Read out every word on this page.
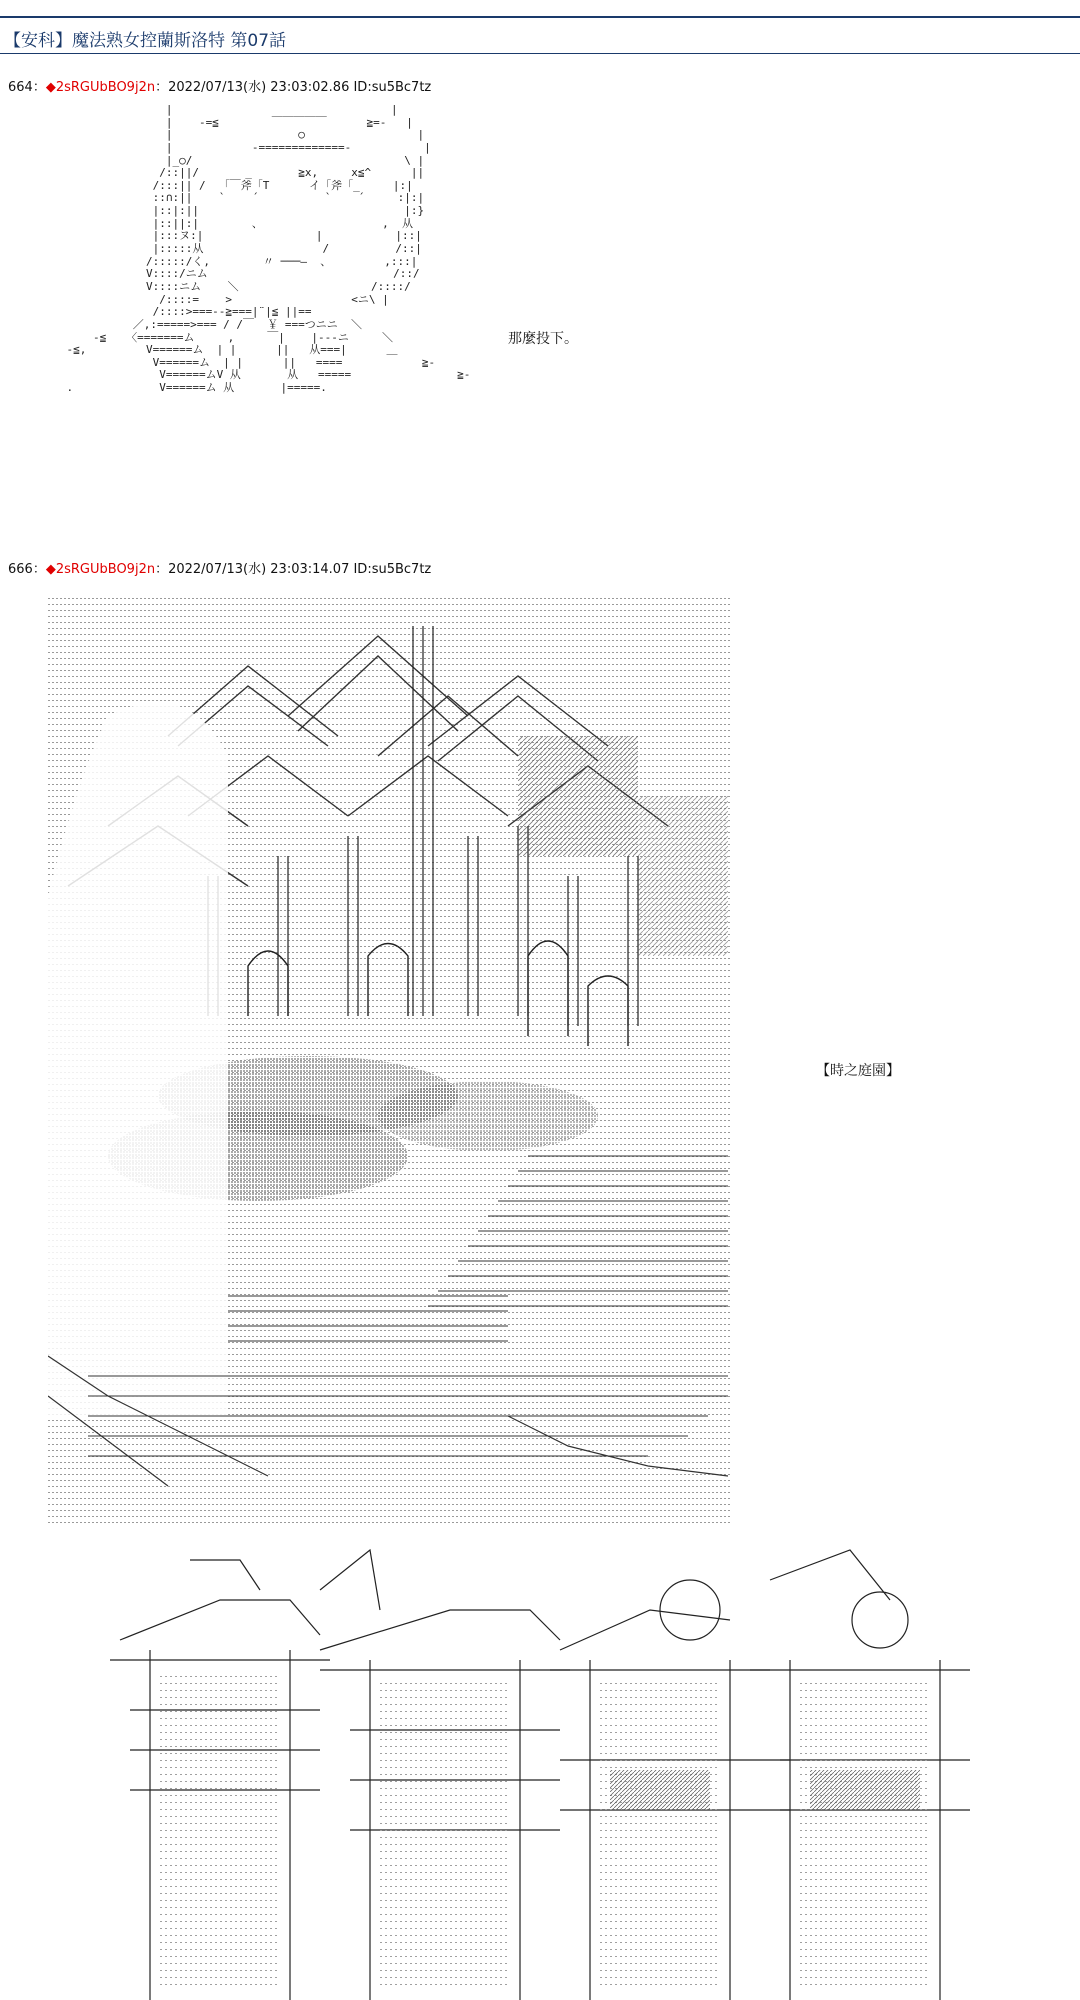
【安科】魔法熟女控蘭斯洛特 第07話
664：◆2sRGUbBO9j2n：2022/07/13(水) 23:03:02.86 ID:su5Bc7tz
|                                 |
|    -=≦        ￣￣￣￣￣      ≧=-   |
|                   ○                 |
|            -=============-           |
|_○/                                \ |
/::||/       _       ≧x,     x≦^      ||
/:::|| /  「￣斧「T      イ「斧「_     |:|
::∩:||    `    ´          `    ´     :|:|
|::|:||                               |:}
|::||:|        、                  ,  从
|:::ヌ:|                 |           |::|
|:::::从                  /          /::|
/:::::/く,        〃 ───―  、        ,:::|
V::::/ニム                            /::/
V::::ニム    ＼                    /::::/
/::::=    >                  <ニ\ |
/::::>===--≧===|¨|≦ ||==
／,:=====>=== / /￣  ￥ ===つニニ  ＼
-≦   〈=======ム     ,     ￣|    |---ニ     ＼
-≦,         V======ム  | |      ||   从===|      ＿
V======ム  | |      ||   ====            ≧-
V======ムV 从       从   =====                ≧-
.             V======ム 从       |=====.
那麼投下。
666：◆2sRGUbBO9j2n：2022/07/13(水) 23:03:14.07 ID:su5Bc7tz
【時之庭園】
